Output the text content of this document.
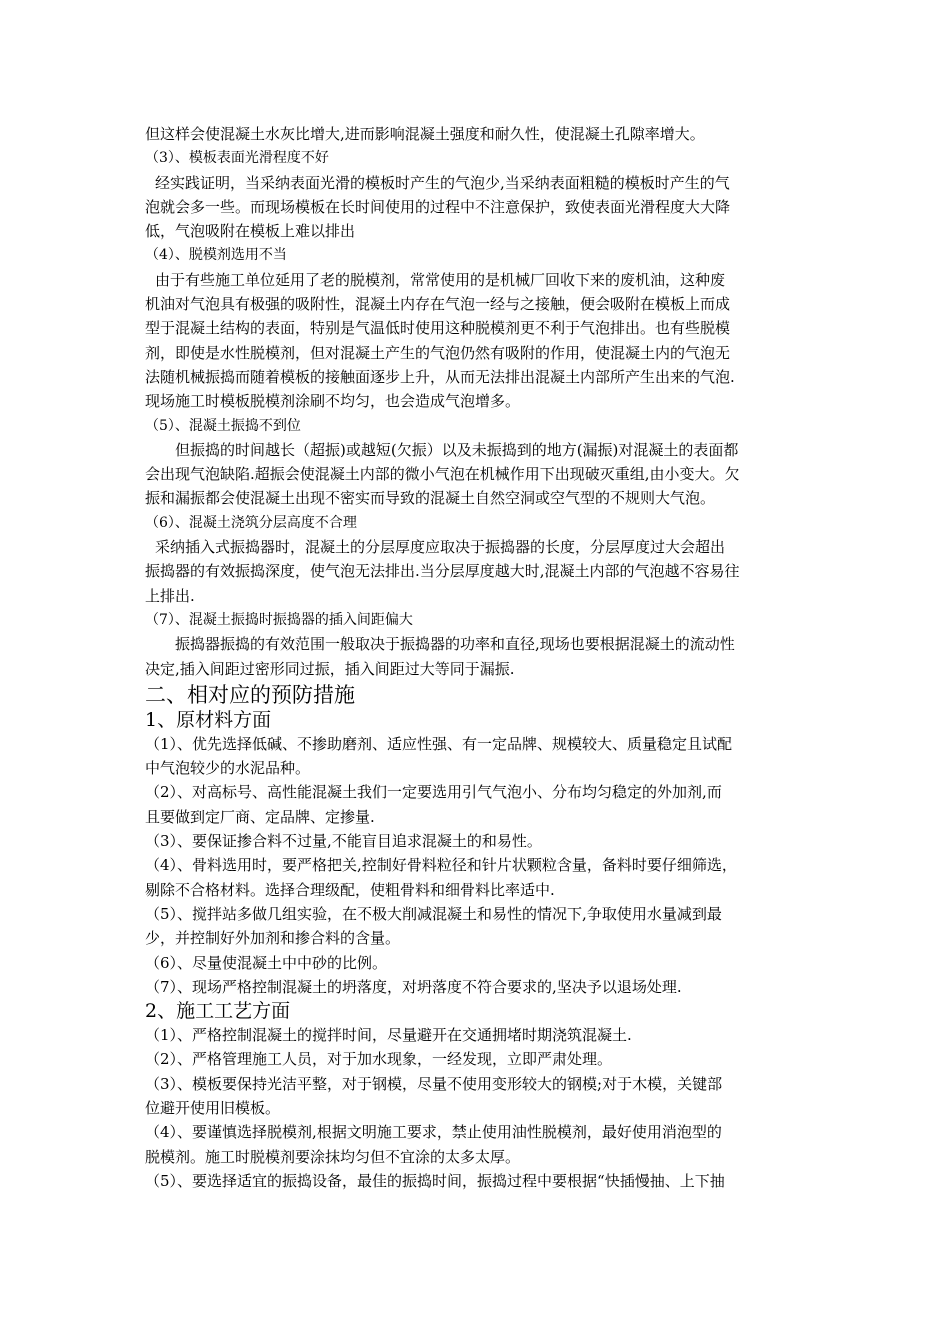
但这样会使混凝土水灰比增大,进而影响混凝土强度和耐久性，使混凝土孔隙率增大。
（3）、模板表面光滑程度不好
经实践证明，当采纳表面光滑的模板时产生的气泡少,当采纳表面粗糙的模板时产生的气
泡就会多一些。而现场模板在长时间使用的过程中不注意保护，致使表面光滑程度大大降
低，气泡吸附在模板上难以排出
（4）、脱模剂选用不当
由于有些施工单位延用了老的脱模剂，常常使用的是机械厂回收下来的废机油，这种废
机油对气泡具有极强的吸附性，混凝土内存在气泡一经与之接触，便会吸附在模板上而成
型于混凝土结构的表面，特别是气温低时使用这种脱模剂更不利于气泡排出。也有些脱模
剂，即使是水性脱模剂，但对混凝土产生的气泡仍然有吸附的作用，使混凝土内的气泡无
法随机械振捣而随着模板的接触面逐步上升，从而无法排出混凝土内部所产生出来的气泡.
现场施工时模板脱模剂涂刷不均匀，也会造成气泡增多。
（5）、混凝土振捣不到位
但振捣的时间越长（超振)或越短(欠振）以及未振捣到的地方(漏振)对混凝土的表面都
会出现气泡缺陷.超振会使混凝土内部的微小气泡在机械作用下出现破灭重组,由小变大。欠
振和漏振都会使混凝土出现不密实而导致的混凝土自然空洞或空气型的不规则大气泡。
（6）、混凝土浇筑分层高度不合理
采纳插入式振捣器时，混凝土的分层厚度应取决于振捣器的长度，分层厚度过大会超出
振捣器的有效振捣深度，使气泡无法排出.当分层厚度越大时,混凝土内部的气泡越不容易往
上排出.
（7）、混凝土振捣时振捣器的插入间距偏大
振捣器振捣的有效范围一般取决于振捣器的功率和直径,现场也要根据混凝土的流动性
决定,插入间距过密形同过振，插入间距过大等同于漏振.
二、相对应的预防措施
1、原材料方面
（1）、优先选择低碱、不掺助磨剂、适应性强、有一定品牌、规模较大、质量稳定且试配
中气泡较少的水泥品种。
（2）、对高标号、高性能混凝土我们一定要选用引气气泡小、分布均匀稳定的外加剂,而
且要做到定厂商、定品牌、定掺量.
（3）、要保证掺合料不过量,不能盲目追求混凝土的和易性。
（4）、骨料选用时，要严格把关,控制好骨料粒径和针片状颗粒含量，备料时要仔细筛选，
剔除不合格材料。选择合理级配，使粗骨料和细骨料比率适中.
（5）、搅拌站多做几组实验，在不极大削减混凝土和易性的情况下,争取使用水量减到最
少，并控制好外加剂和掺合料的含量。
（6）、尽量使混凝土中中砂的比例。
（7）、现场严格控制混凝土的坍落度，对坍落度不符合要求的,坚决予以退场处理.
2、施工工艺方面
（1）、严格控制混凝土的搅拌时间，尽量避开在交通拥堵时期浇筑混凝土.
（2）、严格管理施工人员，对于加水现象，一经发现，立即严肃处理。
（3）、模板要保持光洁平整，对于钢模，尽量不使用变形较大的钢模;对于木模，关键部
位避开使用旧模板。
（4）、要谨慎选择脱模剂,根据文明施工要求，禁止使用油性脱模剂，最好使用消泡型的
脱模剂。施工时脱模剂要涂抹均匀但不宜涂的太多太厚。
（5）、要选择适宜的振捣设备，最佳的振捣时间，振捣过程中要根据“快插慢抽、上下抽
